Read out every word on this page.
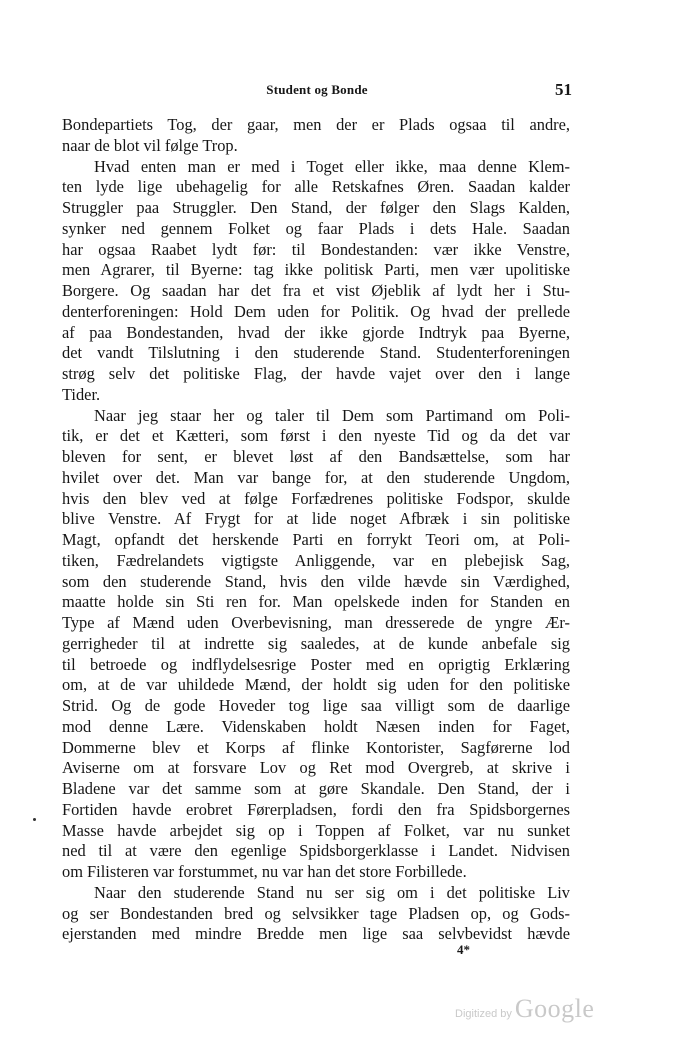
Student og Bonde	51
Bondepartiets Tog, der gaar, men der er Plads ogsaa til andre,
naar de blot vil følge Trop.
Hvad enten man er med i Toget eller ikke, maa denne Klem-
ten lyde lige ubehagelig for alle Retskafnes Øren. Saadan kalder
Struggler paa Struggler. Den Stand, der følger den Slags Kalden,
synker ned gennem Folket og faar Plads i dets Hale. Saadan
har ogsaa Raabet lydt før: til Bondestanden: vær ikke Venstre,
men Agrarer, til Byerne: tag ikke politisk Parti, men vær upolitiske
Borgere. Og saadan har det fra et vist Øjeblik af lydt her i Stu-
denterforeningen: Hold Dem uden for Politik. Og hvad der prellede
af paa Bondestanden, hvad der ikke gjorde Indtryk paa Byerne,
det vandt Tilslutning i den studerende Stand. Studenterforeningen
strøg selv det politiske Flag, der havde vajet over den i lange
Tider.
Naar jeg staar her og taler til Dem som Partimand om Poli-
tik, er det et Kætteri, som først i den nyeste Tid og da det var
bleven for sent, er blevet løst af den Bandsættelse, som har
hvilet over det. Man var bange for, at den studerende Ungdom,
hvis den blev ved at følge Forfædrenes politiske Fodspor, skulde
blive Venstre. Af Frygt for at lide noget Afbræk i sin politiske
Magt, opfandt det herskende Parti en forrykt Teori om, at Poli-
tiken, Fædrelandets vigtigste Anliggende, var en plebejisk Sag,
som den studerende Stand, hvis den vilde hævde sin Værdighed,
maatte holde sin Sti ren for. Man opelskede inden for Standen en
Type af Mænd uden Overbevisning, man dresserede de yngre Ær-
gerrigheder til at indrette sig saaledes, at de kunde anbefale sig
til betroede og indflydelsesrige Poster med en oprigtig Erklæring
om, at de var uhildede Mænd, der holdt sig uden for den politiske
Strid. Og de gode Hoveder tog lige saa villigt som de daarlige
mod denne Lære. Videnskaben holdt Næsen inden for Faget,
Dommerne blev et Korps af flinke Kontorister, Sagførerne lod
Aviserne om at forsvare Lov og Ret mod Overgreb, at skrive i
Bladene var det samme som at gøre Skandale. Den Stand, der i
Fortiden havde erobret Førerpladsen, fordi den fra Spidsborgernes
Masse havde arbejdet sig op i Toppen af Folket, var nu sunket
ned til at være den egenlige Spidsborgerklasse i Landet. Nidvisen
om Filisteren var forstummet, nu var han det store Forbillede.
Naar den studerende Stand nu ser sig om i det politiske Liv
og ser Bondestanden bred og selvsikker tage Pladsen op, og Gods-
ejerstanden med mindre Bredde men lige saa selvbevidst hævde
4*
Digitized by Google
